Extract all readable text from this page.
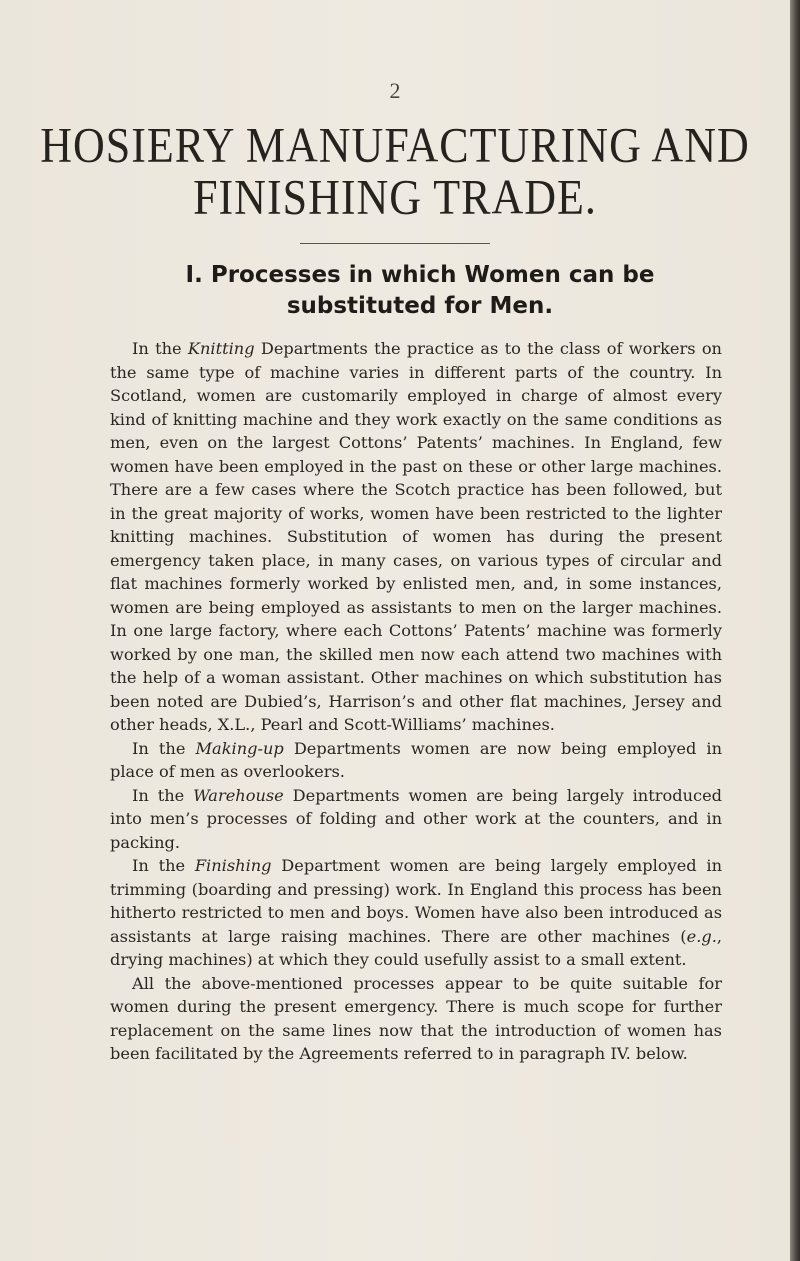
2
HOSIERY MANUFACTURING AND
FINISHING TRADE.
I. Processes in which Women can be substituted for Men.

In the Knitting Departments the practice as to the class of workers on the same type of machine varies in different parts of the country. In Scotland, women are customarily employed in charge of almost every kind of knitting machine and they work exactly on the same conditions as men, even on the largest Cottons’ Patents’ machines. In England, few women have been employed in the past on these or other large machines. There are a few cases where the Scotch practice has been followed, but in the great majority of works, women have been restricted to the lighter knitting machines. Substitution of women has during the present emergency taken place, in many cases, on various types of circular and flat machines formerly worked by enlisted men, and, in some instances, women are being employed as assistants to men on the larger machines. In one large factory, where each Cottons’ Patents’ machine was formerly worked by one man, the skilled men now each attend two machines with the help of a woman assistant. Other machines on which substitution has been noted are Dubied’s, Harrison’s and other flat machines, Jersey and other heads, X.L., Pearl and Scott-Williams’ machines.

In the Making-up Departments women are now being employed in place of men as overlookers.

In the Warehouse Departments women are being largely introduced into men’s processes of folding and other work at the counters, and in packing.

In the Finishing Department women are being largely employed in trimming (boarding and pressing) work. In England this process has been hitherto restricted to men and boys. Women have also been introduced as assistants at large raising machines. There are other machines (e.g., drying machines) at which they could usefully assist to a small extent.

All the above-mentioned processes appear to be quite suitable for women during the present emergency. There is much scope for further replacement on the same lines now that the introduction of women has been facilitated by the Agreements referred to in paragraph IV. below.
